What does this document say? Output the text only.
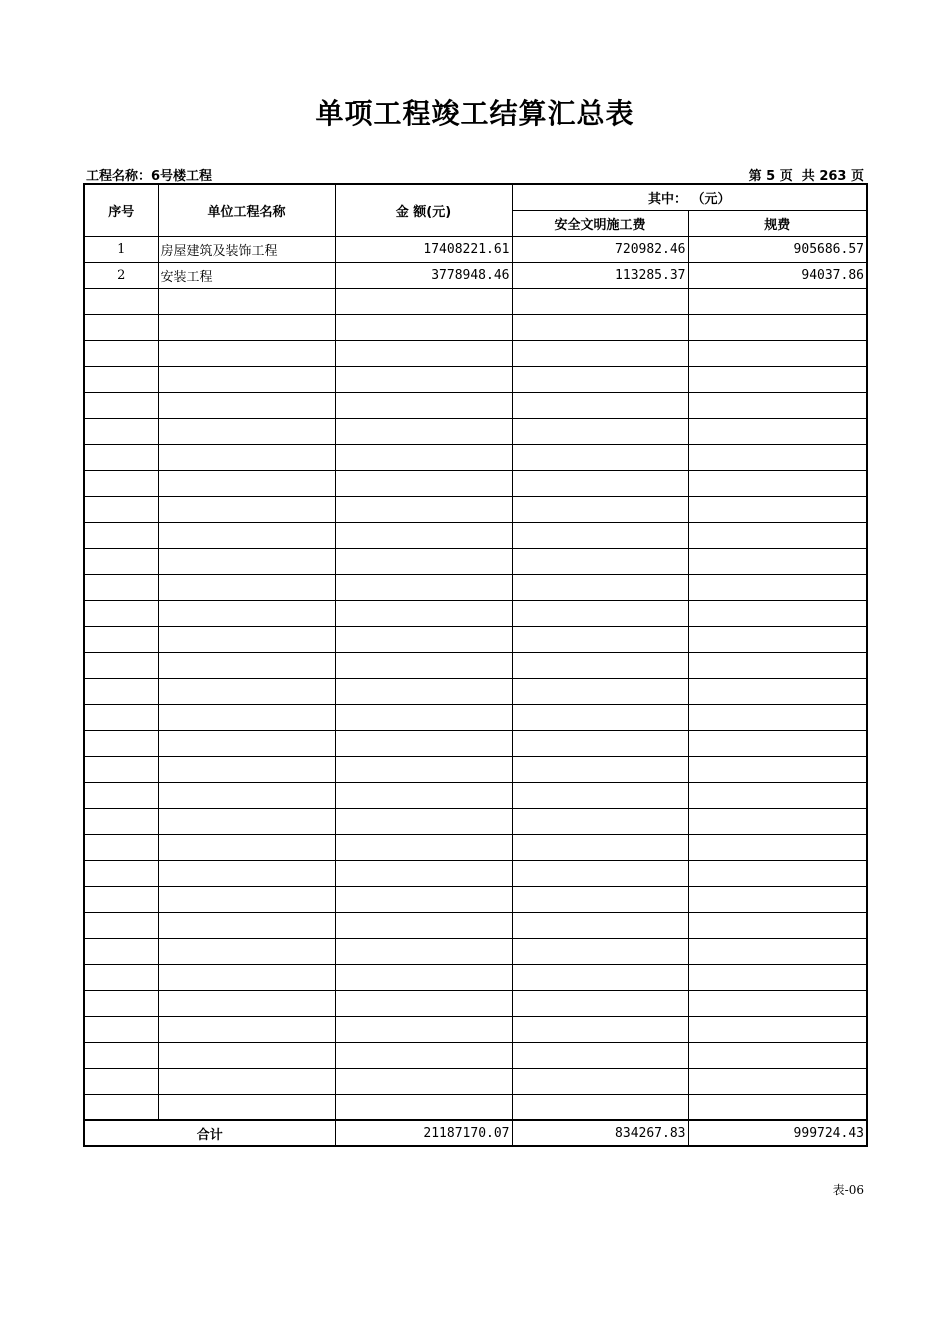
单项工程竣工结算汇总表
工程名称：6号楼工程	第 5 页  共 263 页
序号	单位工程名称	金 额(元)	其中： （元）	
			安全文明施工费	规费
1	房屋建筑及装饰工程	17408221.61	720982.46	905686.57
2	安装工程	3778948.46	113285.37	94037.86

合计		21187170.07	834267.83	999724.43
表-06
